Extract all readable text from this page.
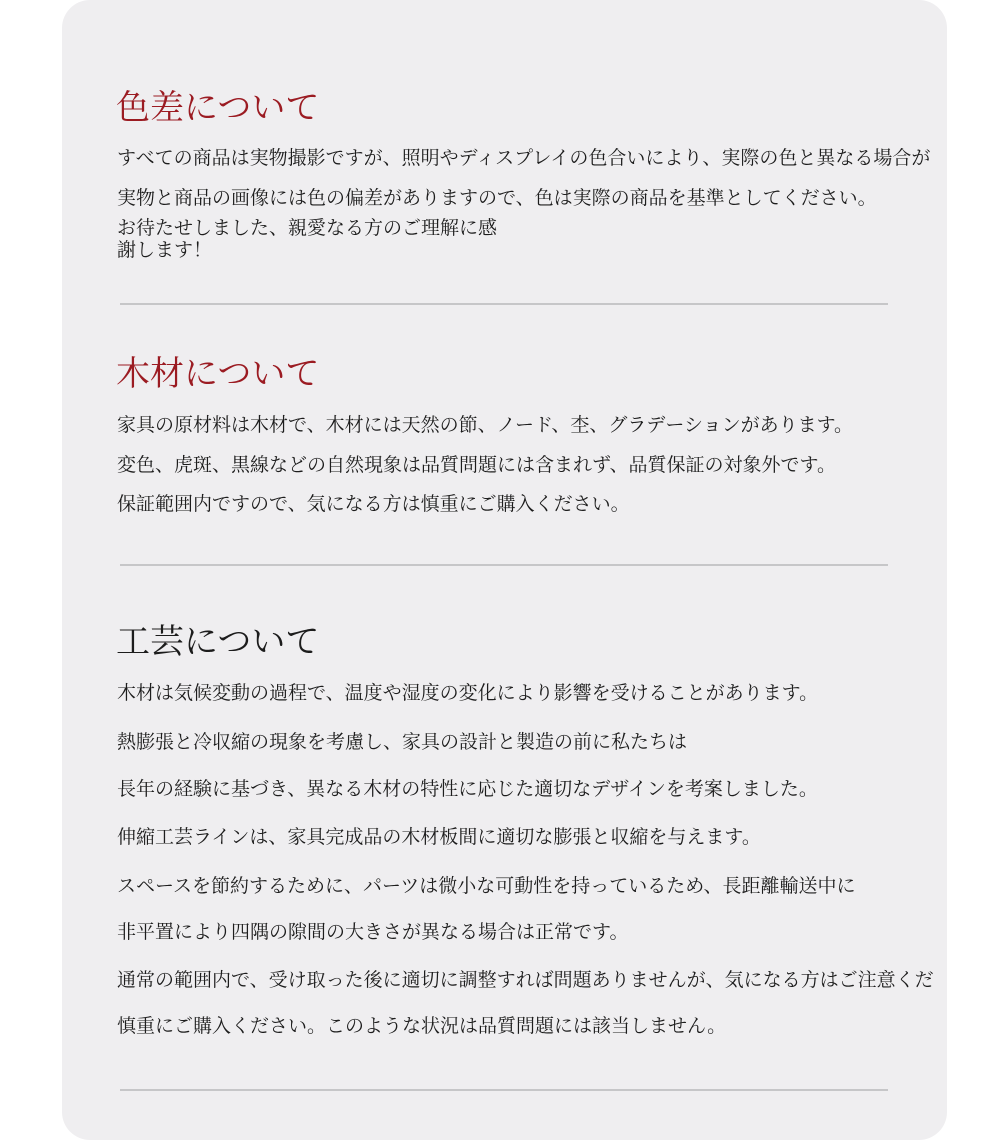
色差について

すべての商品は実物撮影ですが、照明やディスプレイの色合いにより、実際の色と異なる場合が

実物と商品の画像には色の偏差がありますので、色は実際の商品を基準としてください。

お待たせしました、親愛なる方のご理解に感

謝します！

木材について

家具の原材料は木材で、木材には天然の節、ノード、杢、グラデーションがあります。

変色、虎斑、黒線などの自然現象は品質問題には含まれず、品質保証の対象外です。

保証範囲内ですので、気になる方は慎重にご購入ください。

工芸について

木材は気候変動の過程で、温度や湿度の変化により影響を受けることがあります。

熱膨張と冷収縮の現象を考慮し、家具の設計と製造の前に私たちは

長年の経験に基づき、異なる木材の特性に応じた適切なデザインを考案しました。

伸縮工芸ラインは、家具完成品の木材板間に適切な膨張と収縮を与えます。

スペースを節約するために、パーツは微小な可動性を持っているため、長距離輸送中に

非平置により四隅の隙間の大きさが異なる場合は正常です。

通常の範囲内で、受け取った後に適切に調整すれば問題ありませんが、気になる方はご注意くだ

慎重にご購入ください。このような状況は品質問題には該当しません。
